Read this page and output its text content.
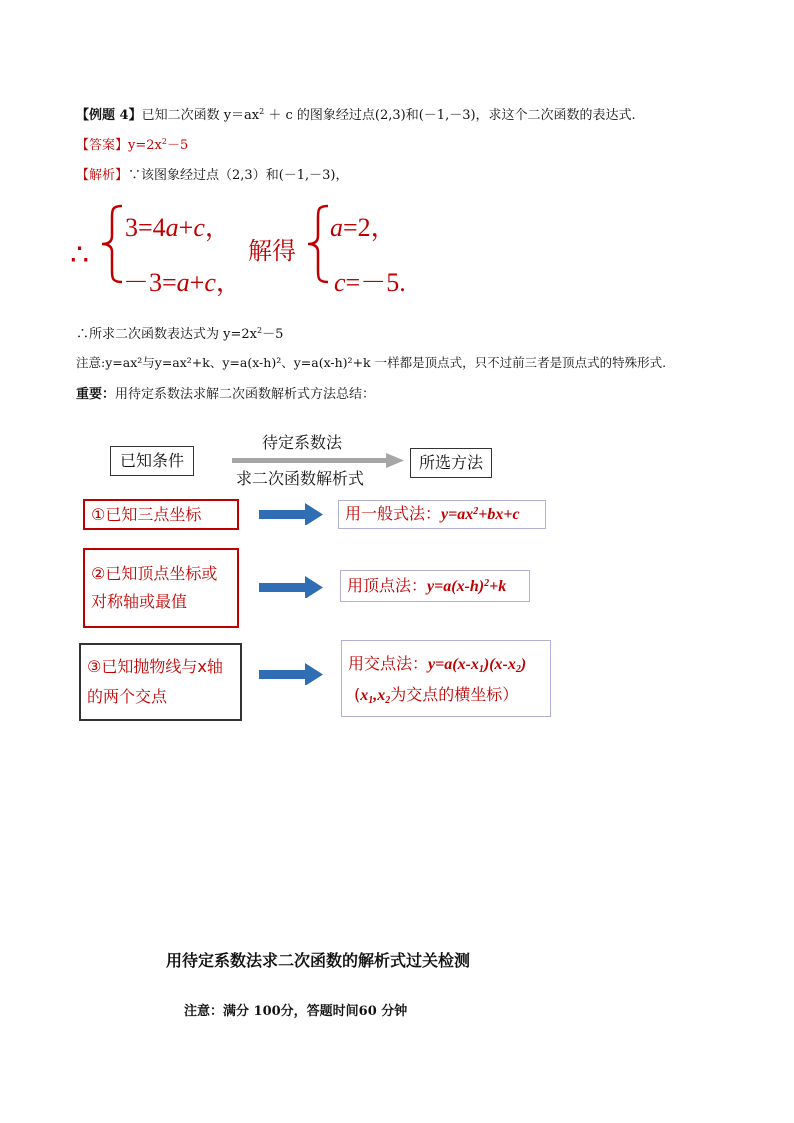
【例题 4】已知二次函数 $y=ax^2 + c$ 的图象经过点(2,3)和(－1,－3)，求这个二次函数的表达式.
【答案】$y=2x^2-5$
【解析】∵该图象经过点（2,3）和(－1,－3)，
∴
3=4a+c，
－3=a+c，
解得
a=2，
c=－5.
∴所求二次函数表达式为 $y=2x^2-5$
注意:y=ax²与y=ax²+k、y=a(x-h)²、y=a(x-h)²+k 一样都是顶点式，只不过前三者是顶点式的特殊形式.
重要：用待定系数法求解二次函数解析式方法总结：
已知条件	所选方法
待定系数法
求二次函数解析式
①已知三点坐标	用一般式法：$y=ax^2+bx+c$
②已知顶点坐标或对称轴或最值
用顶点法：$y=a(x-h)^2+k$
③已知抛物线与x轴的两个交点
用交点法：$y=a(x-x_1)(x-x_2)$
($x_1,x_2$为交点的横坐标）
用待定系数法求二次函数的解析式过关检测
注意：满分 100分，答题时间60 分钟
